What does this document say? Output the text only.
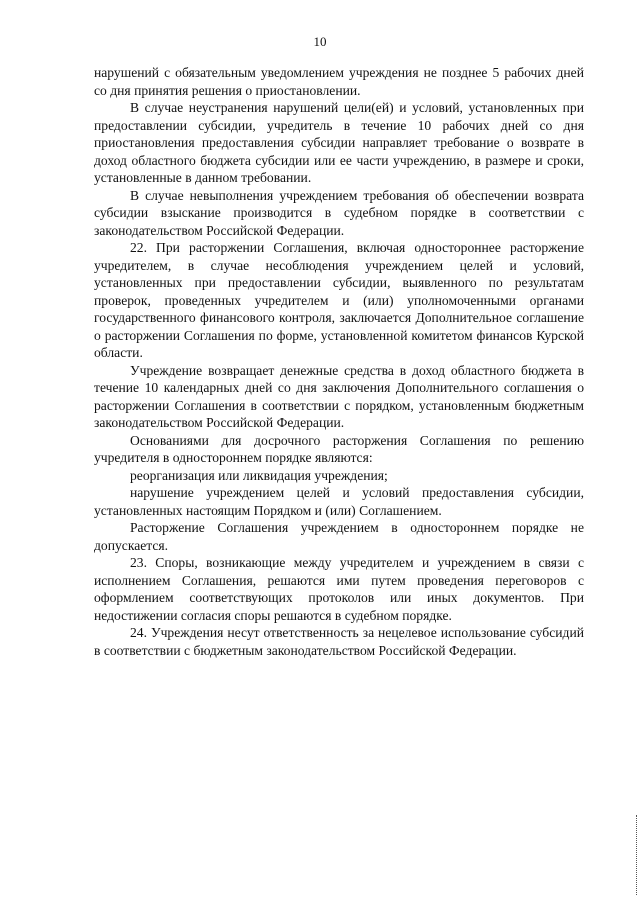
10

нарушений с обязательным уведомлением учреждения не позднее 5 рабочих дней со дня принятия решения о приостановлении.

В случае неустранения нарушений цели(ей) и условий, установленных при предоставлении субсидии, учредитель в течение 10 рабочих дней со дня приостановления предоставления субсидии направляет требование о возврате в доход областного бюджета субсидии или ее части учреждению, в размере и сроки, установленные в данном требовании.

В случае невыполнения учреждением требования об обеспечении возврата субсидии взыскание производится в судебном порядке в соответствии с законодательством Российской Федерации.

22. При расторжении Соглашения, включая одностороннее расторжение учредителем, в случае несоблюдения учреждением целей и условий, установленных при предоставлении субсидии, выявленного по результатам проверок, проведенных учредителем и (или) уполномоченными органами государственного финансового контроля, заключается Дополнительное соглашение о расторжении Соглашения по форме, установленной комитетом финансов Курской области.

Учреждение возвращает денежные средства в доход областного бюджета в течение 10 календарных дней со дня заключения Дополнительного соглашения о расторжении Соглашения в соответствии с порядком, установленным бюджетным законодательством Российской Федерации.

Основаниями для досрочного расторжения Соглашения по решению учредителя в одностороннем порядке являются:

реорганизация или ликвидация учреждения;

нарушение учреждением целей и условий предоставления субсидии, установленных настоящим Порядком и (или) Соглашением.

Расторжение Соглашения учреждением в одностороннем порядке не допускается.

23. Споры, возникающие между учредителем и учреждением в связи с исполнением Соглашения, решаются ими путем проведения переговоров с оформлением соответствующих протоколов или иных документов. При недостижении согласия споры решаются в судебном порядке.

24. Учреждения несут ответственность за нецелевое использование субсидий в соответствии с бюджетным законодательством Российской Федерации.
